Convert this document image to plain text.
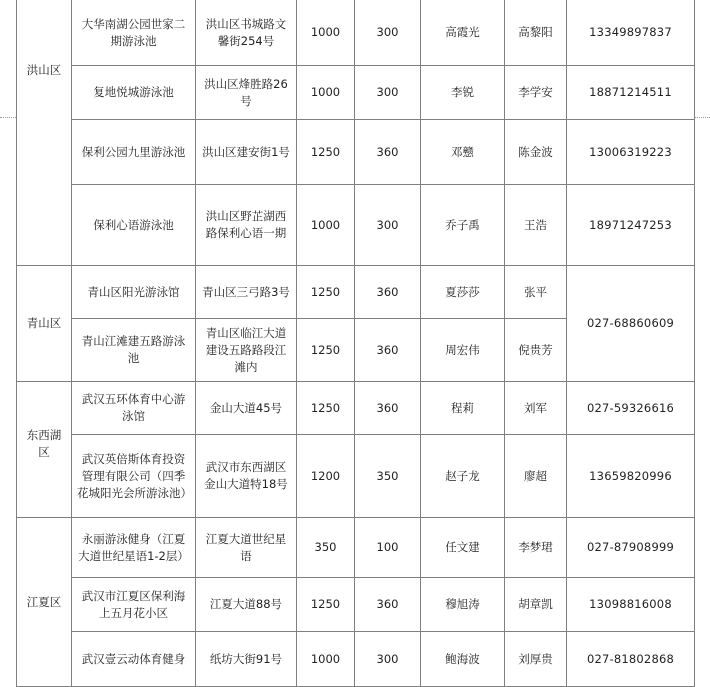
洪山区	大华南湖公园世家二期游泳池	洪山区书城路文馨街254号	1000	300	高霞光	高黎阳	13349897837
	复地悦城游泳池	洪山区烽胜路26号	1000	300	李锐	李学安	18871214511
	保利公园九里游泳池	洪山区建安街1号	1250	360	邓戆	陈金波	13006319223
	保利心语游泳池	洪山区野芷湖西路保利心语一期	1000	300	乔子禹	王浩	18971247253
青山区	青山区阳光游泳馆	青山区三弓路3号	1250	360	夏莎莎	张平	027-68860609
	青山江滩建五路游泳池	青山区临江大道建设五路路段江滩内	1250	360	周宏伟	倪贵芳	
东西湖区	武汉五环体育中心游泳馆	金山大道45号	1250	360	程莉	刘军	027-59326616
	武汉英倍斯体育投资管理有限公司（四季花城阳光会所游泳池）	武汉市东西湖区金山大道特18号	1200	350	赵子龙	廖超	13659820996
江夏区	永丽游泳健身（江夏大道世纪星语1-2层）	江夏大道世纪星语	350	100	任文建	李梦珺	027-87908999
	武汉市江夏区保利海上五月花小区	江夏大道88号	1250	360	穆旭涛	胡章凯	13098816008
	武汉壹云动体育健身	纸坊大街91号	1000	300	鲍海波	刘厚贵	027-81802868
